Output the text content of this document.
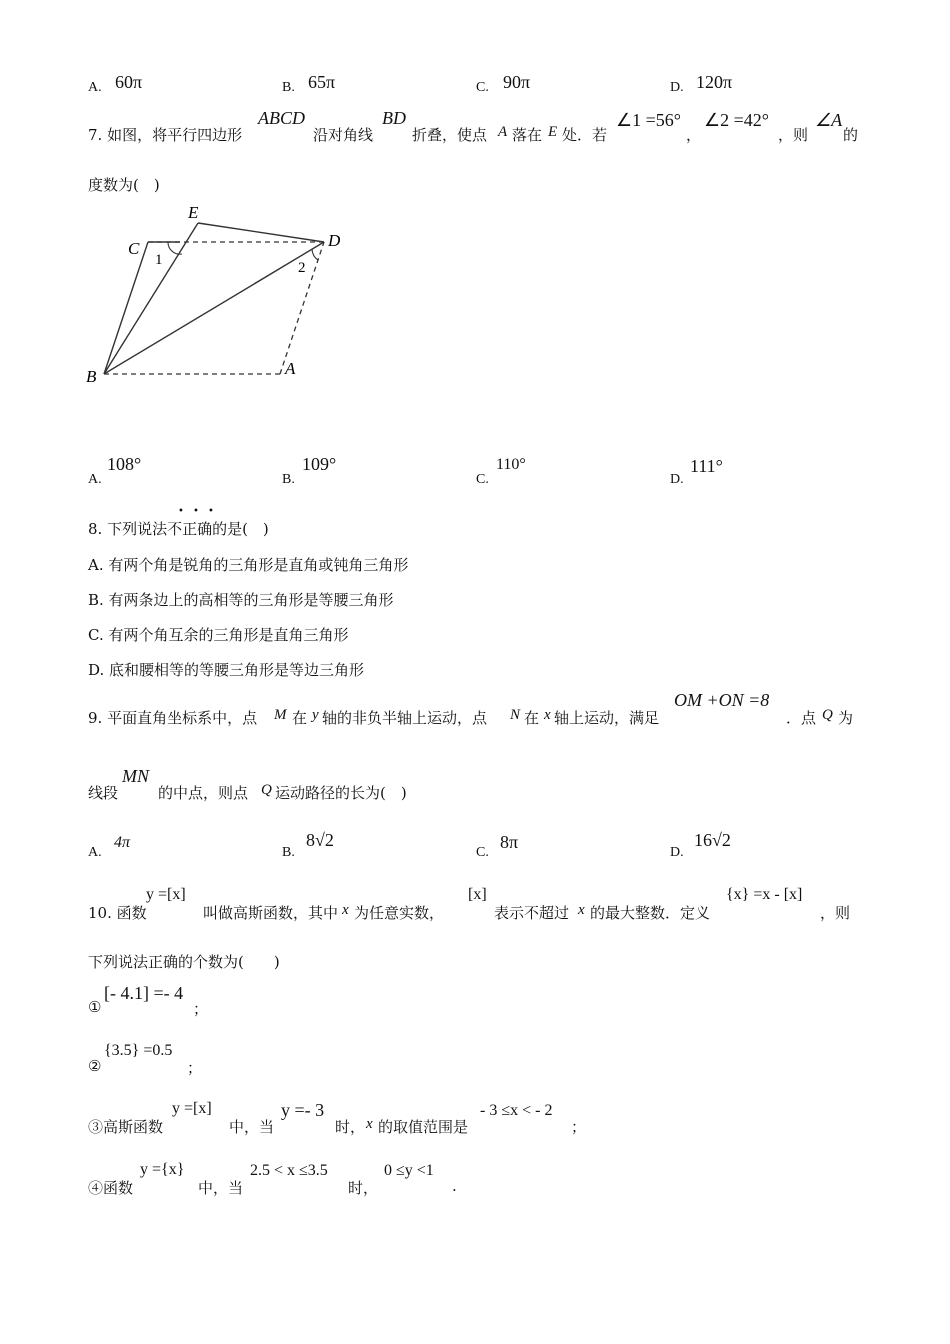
A. 60π	B. 65π	C. 90π	D. 120π
7. 如图，将平行四边形
ABCD
沿对角线
BD
折叠，使点 A 落在 E 处．若
∠1 =56°
，
∠2 =42°
，则
∠A
的
度数为(　)
C
E
D
B	A
1	2
A.
108°
B.
109°
C.
110°
D.
111°
• • •
8. 下列说法不正确的是(　)
A. 有两个角是锐角的三角形是直角或钝角三角形
B. 有两条边上的高相等的三角形是等腰三角形
C. 有两个角互余的三角形是直角三角形
D. 底和腰相等的等腰三角形是等边三角形
9. 平面直角坐标系中，点 M 在 y 轴的非负半轴上运动，点 N 在 x 轴上运动，满足
OM +ON =8
．点 Q 为
线段
MN
的中点，则点 Q 运动路径的长为(　)
A.
4π
B.
8√2
C.
8π
D.
16√2
10. 函数
y =[x]
叫做高斯函数，其中 x 为任意实数，
[x]
表示不超过 x 的最大整数．定义
{x} =x - [x]
，则
下列说法正确的个数为(　　)
①
[- 4.1] =- 4
；
②
{3.5} =0.5
；
③高斯函数
y =[x]
中，当
y =- 3
时， x 的取值范围是
- 3 ≤x < - 2
；
④函数
y ={x}
中，当
2.5 < x ≤3.5
时，
0 ≤y <1
.
